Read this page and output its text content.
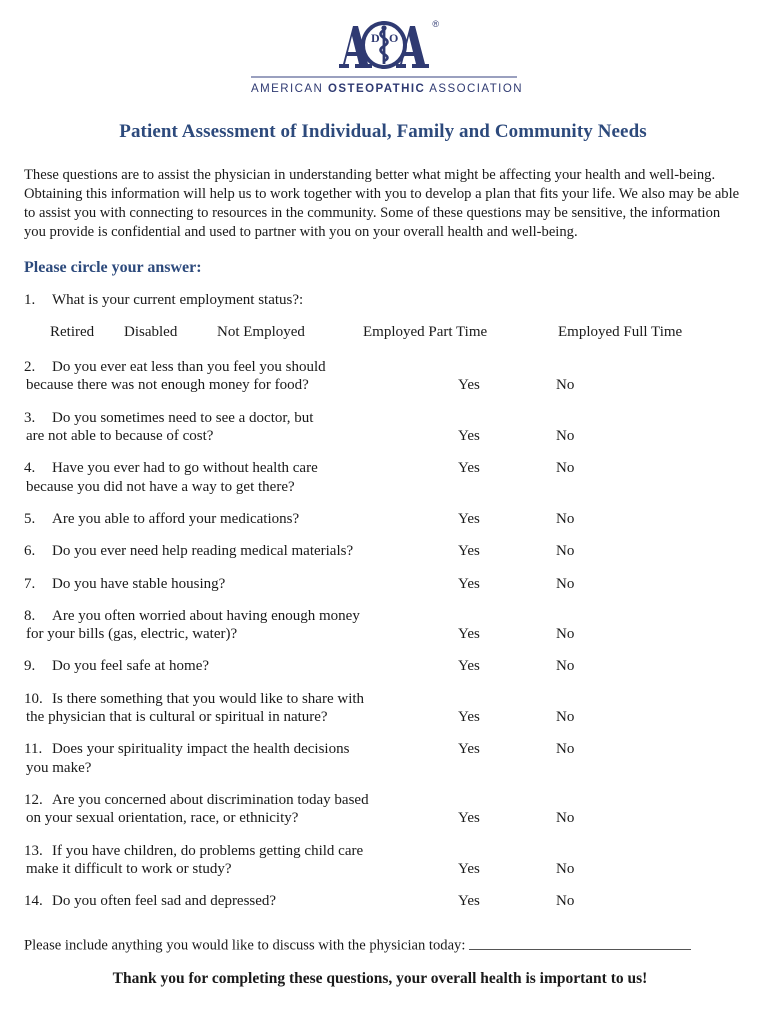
D O
®
AMERICAN OSTEOPATHIC ASSOCIATION
Patient Assessment of Individual, Family and Community Needs

These questions are to assist the physician in understanding better what might be affecting your health and well-being. Obtaining this information will help us to work together with you to develop a plan that fits your life. We also may be able to assist you with connecting to resources in the community. Some of these questions may be sensitive, the information you provide is confidential and used to partner with you on your overall health and well-being.

Please circle your answer:
1.	What is your current employment status?:
Retired Disabled	Not Employed	Employed Part Time	Employed Full Time
2.	Do you ever eat less than you feel you should
because there was not enough money for food?	Yes	No
3.	Do you sometimes need to see a doctor, but
are not able to because of cost?	Yes	No
4.	Have you ever had to go without health care
because you did not have a way to get there?
Yes	No
5.	Are you able to afford your medications?	Yes	No
6.	Do you ever need help reading medical materials?	Yes	No
7.	Do you have stable housing?	Yes	No
8.	Are you often worried about having enough money
for your bills (gas, electric, water)?	Yes	No
9.	Do you feel safe at home?	Yes	No
10. Is there something that you would like to share with
the physician that is cultural or spiritual in nature?	Yes	No
11. Does your spirituality impact the health decisions
you make?
Yes	No
12. Are you concerned about discrimination today based
on your sexual orientation, race, or ethnicity?	Yes	No
13. If you have children, do problems getting child care
make it difficult to work or study?	Yes	No
14. Do you often feel sad and depressed?	Yes	No
Please include anything you would like to discuss with the physician today:
Thank you for completing these questions, your overall health is important to us!
